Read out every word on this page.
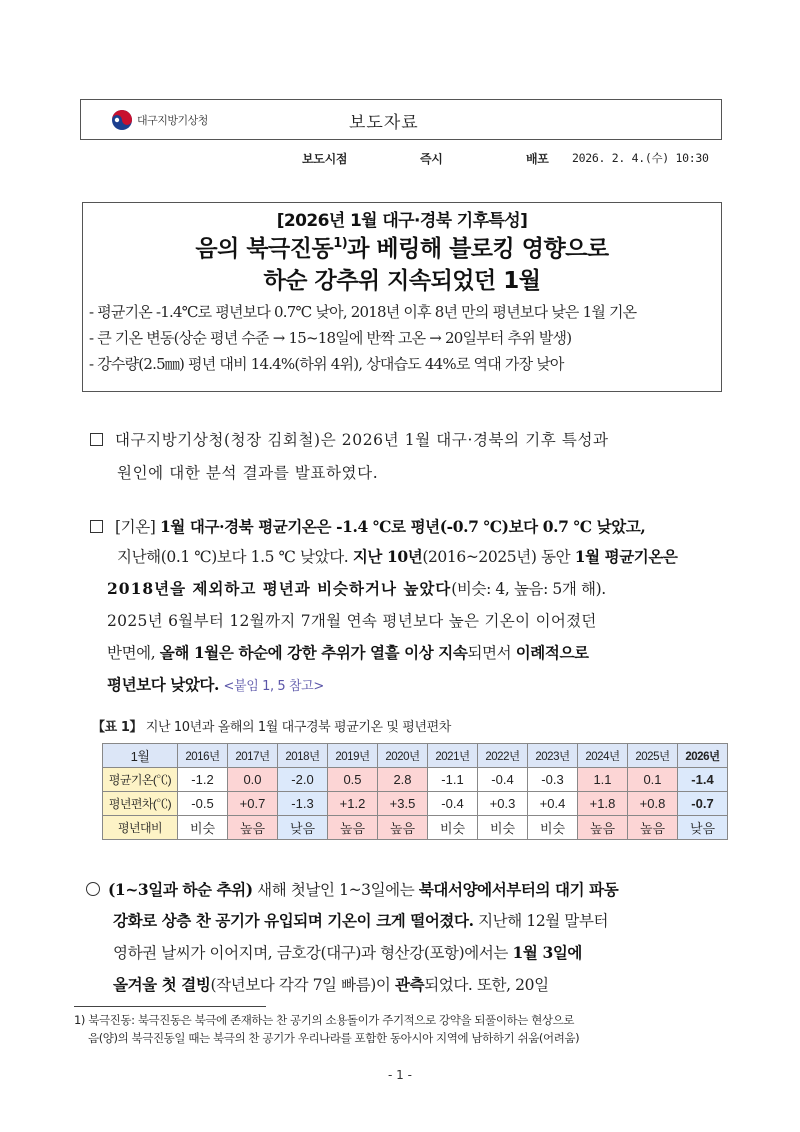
대구지방기상청	보도자료
보도시점	즉시	배포 2026. 2. 4.(수) 10:30
[2026년 1월 대구·경북 기후특성]
음의 북극진동$^{1)}$과 베링해 블로킹 영향으로
하순 강추위 지속되었던 1월
- 평균기온 -1.4℃로 평년보다 0.7℃ 낮아, 2018년 이후 8년 만의 평년보다 낮은 1월 기온
- 큰 기온 변동(상순 평년 수준 → 15~18일에 반짝 고온 → 20일부터 추위 발생)
- 강수량(2.5㎜) 평년 대비 14.4%(하위 4위), 상대습도 44%로 역대 가장 낮아
대구지방기상청(청장 김회철)은 2026년 1월 대구·경북의 기후 특성과
원인에 대한 분석 결과를 발표하였다.
[기온] 1월 대구·경북 평균기온은 -1.4 ℃로 평년(-0.7 ℃)보다 0.7 ℃ 낮았고,
지난해(0.1 ℃)보다 1.5 ℃ 낮았다. 지난 10년(2016~2025년) 동안 1월 평균기온은
2018년을 제외하고 평년과 비슷하거나 높았다(비슷: 4, 높음: 5개 해).
2025년 6월부터 12월까지 7개월 연속 평년보다 높은 기온이 이어졌던
반면에, 올해 1월은 하순에 강한 추위가 열흘 이상 지속되면서 이례적으로
평년보다 낮았다. <붙임 1, 5 참고>
【표 1】 지난 10년과 올해의 1월 대구경북 평균기온 및 평년편차
1월	2016년	2017년	2018년	2019년	2020년	2021년	2022년	2023년	2024년	2025년	2026년
평균기온(℃)	-1.2	0.0	-2.0	0.5	2.8	-1.1	-0.4	-0.3	1.1	0.1	-1.4
평년편차(℃)	-0.5	+0.7	-1.3	+1.2	+3.5	-0.4	+0.3	+0.4	+1.8	+0.8	-0.7
평년대비	비슷	높음	낮음	높음	높음	비슷	비슷	비슷	높음	높음	낮음
(1~3일과 하순 추위) 새해 첫날인 1~3일에는 북대서양에서부터의 대기 파동
강화로 상층 찬 공기가 유입되며 기온이 크게 떨어졌다. 지난해 12월 말부터
영하권 날씨가 이어지며, 금호강(대구)과 형산강(포항)에서는 1월 3일에
올겨울 첫 결빙(작년보다 각각 7일 빠름)이 관측되었다. 또한, 20일
1) 북극진동: 북극진동은 북극에 존재하는 찬 공기의 소용돌이가 주기적으로 강약을 되풀이하는 현상으로
음(양)의 북극진동일 때는 북극의 찬 공기가 우리나라를 포함한 동아시아 지역에 남하하기 쉬움(어려움)
- 1 -
